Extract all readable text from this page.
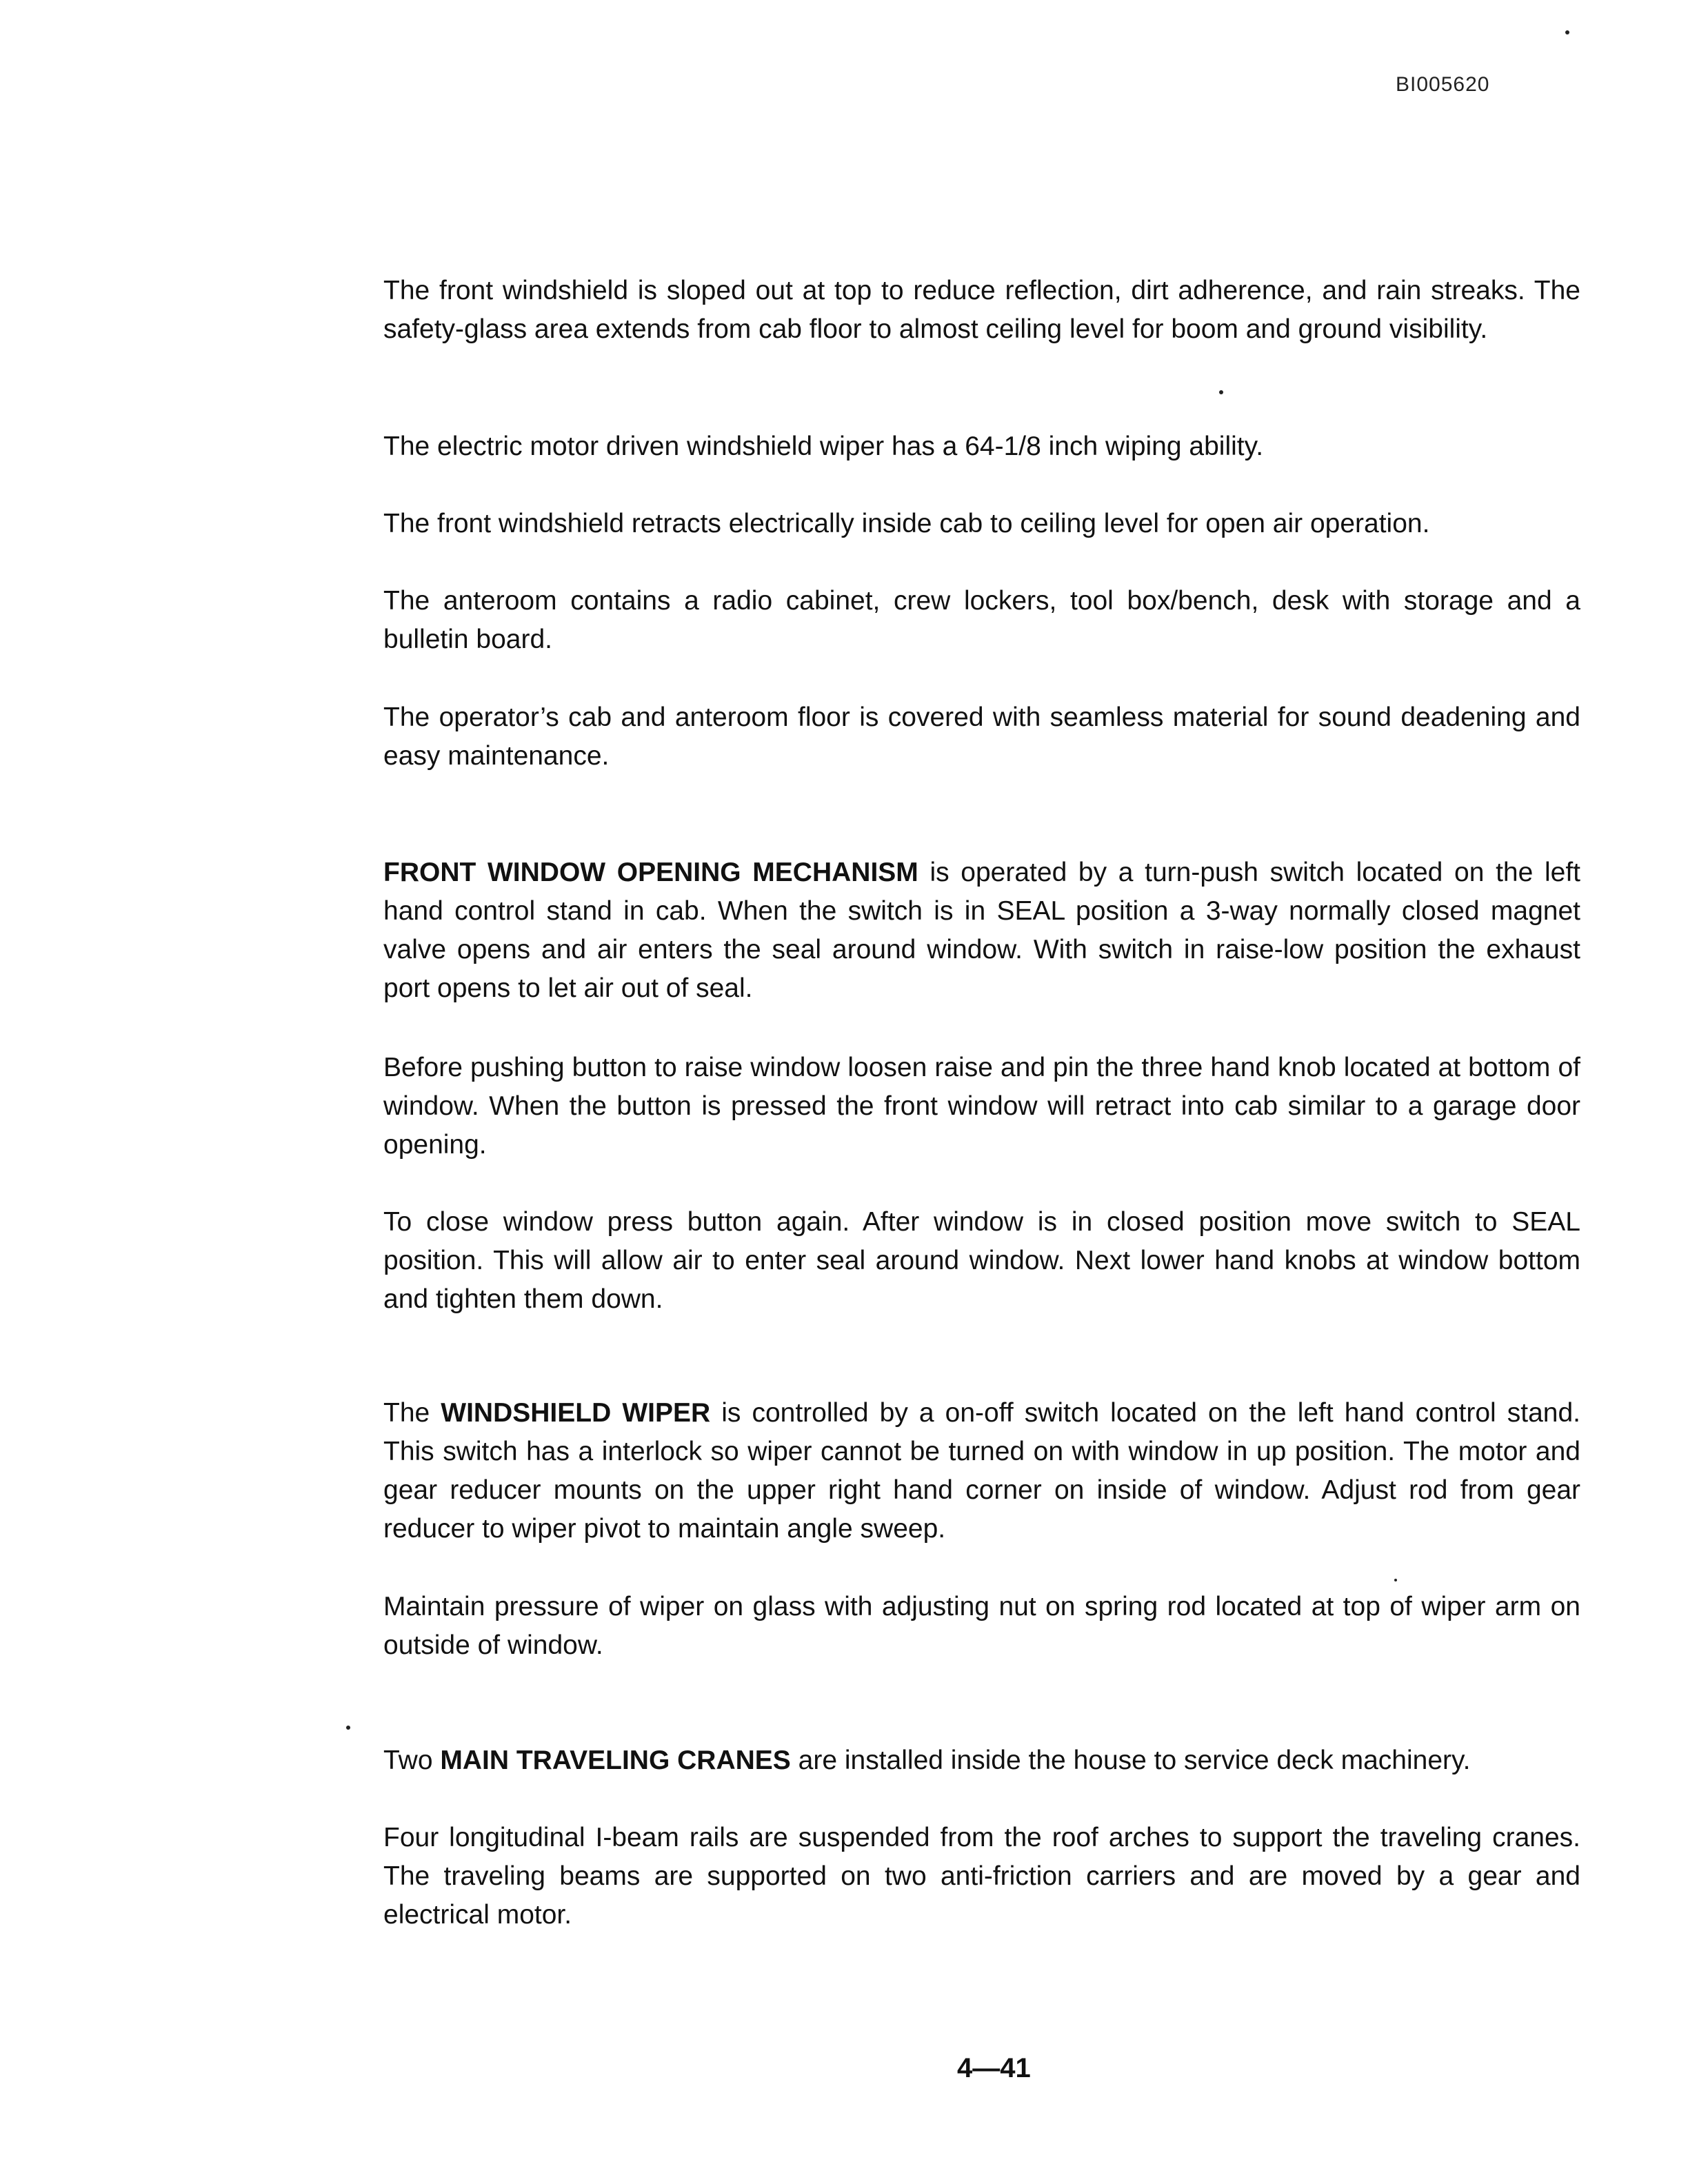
BI005620

The front windshield is sloped out at top to reduce reflection, dirt adherence, and rain streaks. The safety-glass area extends from cab floor to almost ceiling level for boom and ground visibility.

The electric motor driven windshield wiper has a 64-1/8 inch wiping ability.

The front windshield retracts electrically inside cab to ceiling level for open air operation.

The anteroom contains a radio cabinet, crew lockers, tool box/bench, desk with storage and a bulletin board.

The operator’s cab and anteroom floor is covered with seamless material for sound deadening and easy maintenance.

FRONT WINDOW OPENING MECHANISM is operated by a turn-push switch located on the left hand control stand in cab. When the switch is in SEAL position a 3-way normally closed magnet valve opens and air enters the seal around window. With switch in raise-low position the exhaust port opens to let air out of seal.

Before pushing button to raise window loosen raise and pin the three hand knob located at bottom of window. When the button is pressed the front window will retract into cab similar to a garage door opening.

To close window press button again. After window is in closed position move switch to SEAL position. This will allow air to enter seal around window. Next lower hand knobs at window bottom and tighten them down.

The WINDSHIELD WIPER is controlled by a on-off switch located on the left hand control stand. This switch has a interlock so wiper cannot be turned on with window in up position. The motor and gear reducer mounts on the upper right hand corner on inside of window. Adjust rod from gear reducer to wiper pivot to maintain angle sweep.

Maintain pressure of wiper on glass with adjusting nut on spring rod located at top of wiper arm on outside of window.

Two MAIN TRAVELING CRANES are installed inside the house to service deck machinery.

Four longitudinal I-beam rails are suspended from the roof arches to support the traveling cranes. The traveling beams are supported on two anti-friction carriers and are moved by a gear and electrical motor.

4—41
